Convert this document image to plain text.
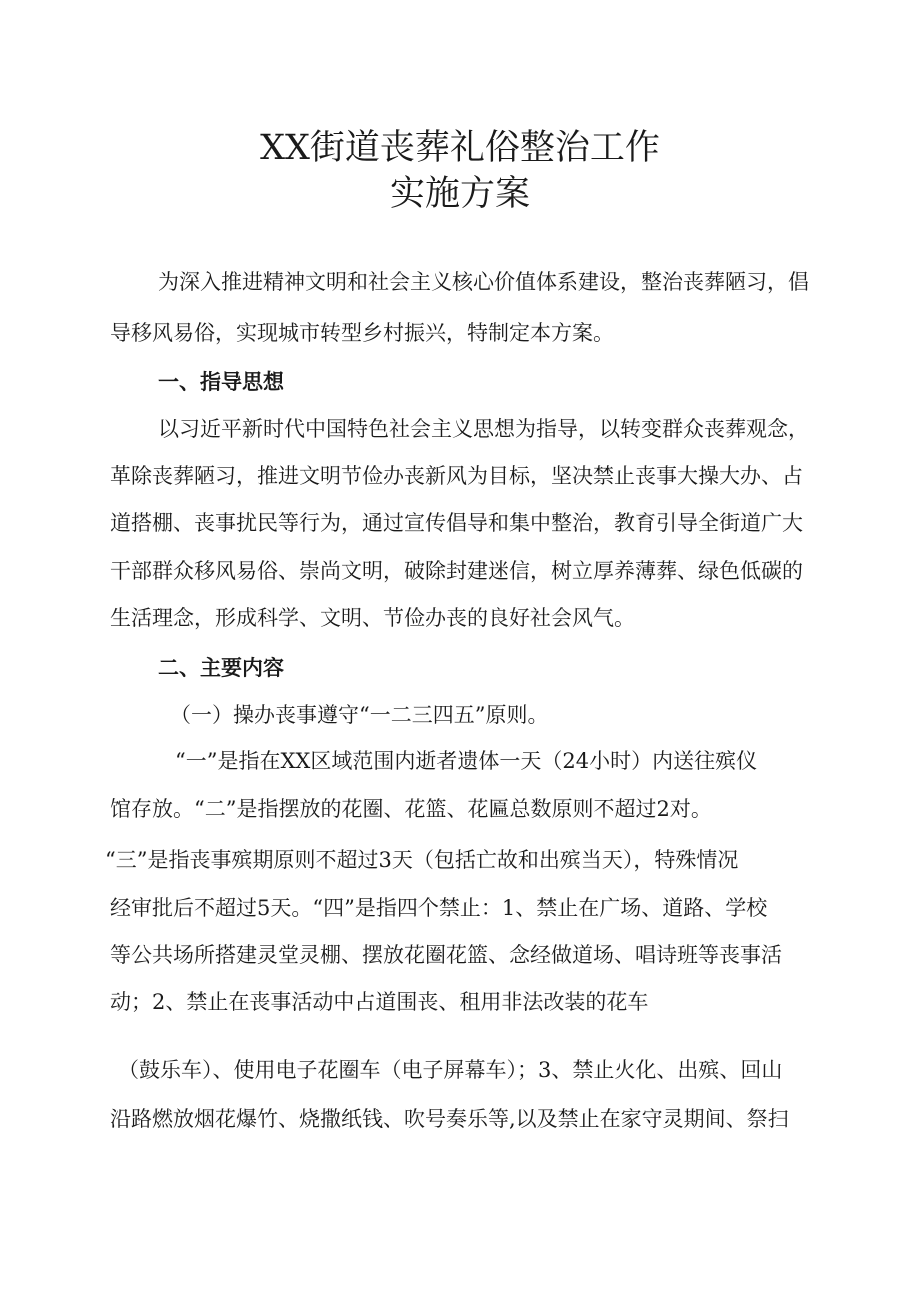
XX街道丧葬礼俗整治工作
实施方案
为深入推进精神文明和社会主义核心价值体系建设，整治丧葬陋习，倡
导移风易俗，实现城市转型乡村振兴，特制定本方案。
一、指导思想
以习近平新时代中国特色社会主义思想为指导，以转变群众丧葬观念，
革除丧葬陋习，推进文明节俭办丧新风为目标，坚决禁止丧事大操大办、占
道搭棚、丧事扰民等行为，通过宣传倡导和集中整治，教育引导全街道广大
干部群众移风易俗、崇尚文明，破除封建迷信，树立厚养薄葬、绿色低碳的
生活理念，形成科学、文明、节俭办丧的良好社会风气。
二、主要内容
（一）操办丧事遵守“一二三四五”原则。
“一”是指在XX区域范围内逝者遗体一天（24小时）内送往殡仪
馆存放。“二”是指摆放的花圈、花篮、花匾总数原则不超过2对。
“三”是指丧事殡期原则不超过3天（包括亡故和出殡当天），特殊情况
经审批后不超过5天。“四”是指四个禁止：1、禁止在广场、道路、学校
等公共场所搭建灵堂灵棚、摆放花圈花篮、念经做道场、唱诗班等丧事活
动；2、禁止在丧事活动中占道围丧、租用非法改装的花车
（鼓乐车）、使用电子花圈车（电子屏幕车）；3、禁止火化、出殡、回山
沿路燃放烟花爆竹、烧撒纸钱、吹号奏乐等,以及禁止在家守灵期间、祭扫
